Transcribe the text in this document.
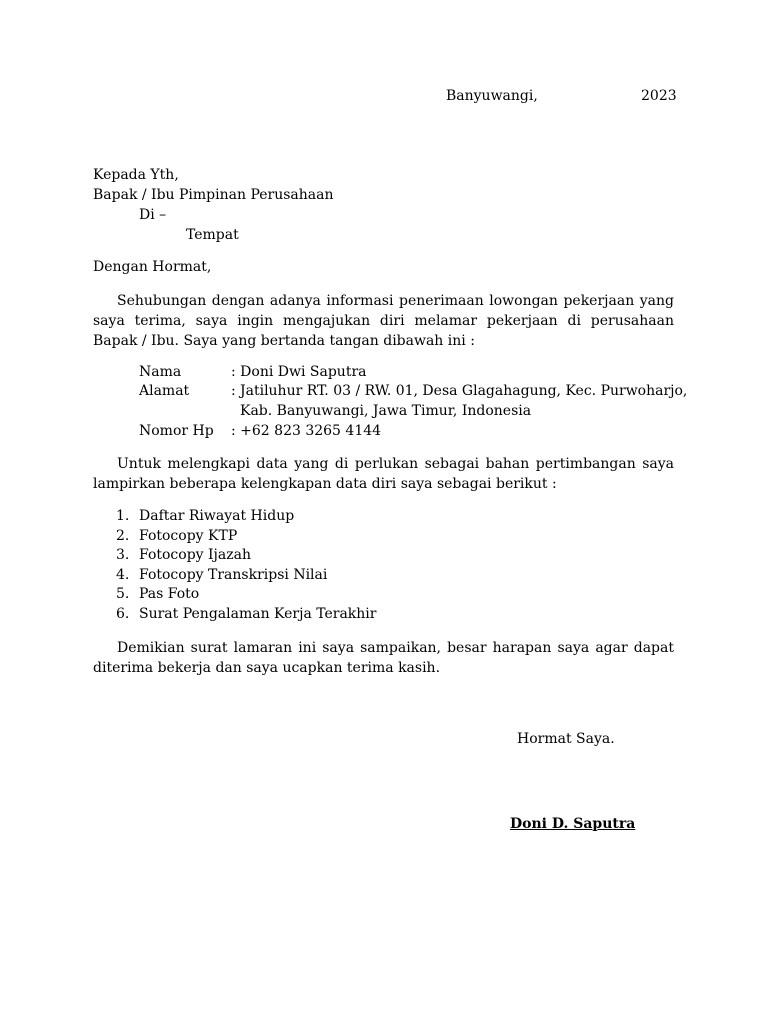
Banyuwangi,	2023
Kepada Yth,
Bapak / Ibu Pimpinan Perusahaan
Di –
Tempat
Dengan Hormat,
Sehubungan dengan adanya informasi penerimaan lowongan pekerjaan yang saya terima, saya ingin mengajukan diri melamar pekerjaan di perusahaan Bapak / Ibu. Saya yang bertanda tangan dibawah ini :
Nama	: Doni Dwi Saputra
Alamat	: Jatiluhur RT. 03 / RW. 01, Desa Glagahagung, Kec. Purwoharjo,
Kab. Banyuwangi, Jawa Timur, Indonesia
Nomor Hp : +62 823 3265 4144
Untuk melengkapi data yang di perlukan sebagai bahan pertimbangan saya lampirkan beberapa kelengkapan data diri saya sebagai berikut :
1. Daftar Riwayat Hidup
2. Fotocopy KTP
3. Fotocopy Ijazah
4. Fotocopy Transkripsi Nilai
5. Pas Foto
6. Surat Pengalaman Kerja Terakhir
Demikian surat lamaran ini saya sampaikan, besar harapan saya agar dapat diterima bekerja dan saya ucapkan terima kasih.
Hormat Saya.
Doni D. Saputra
